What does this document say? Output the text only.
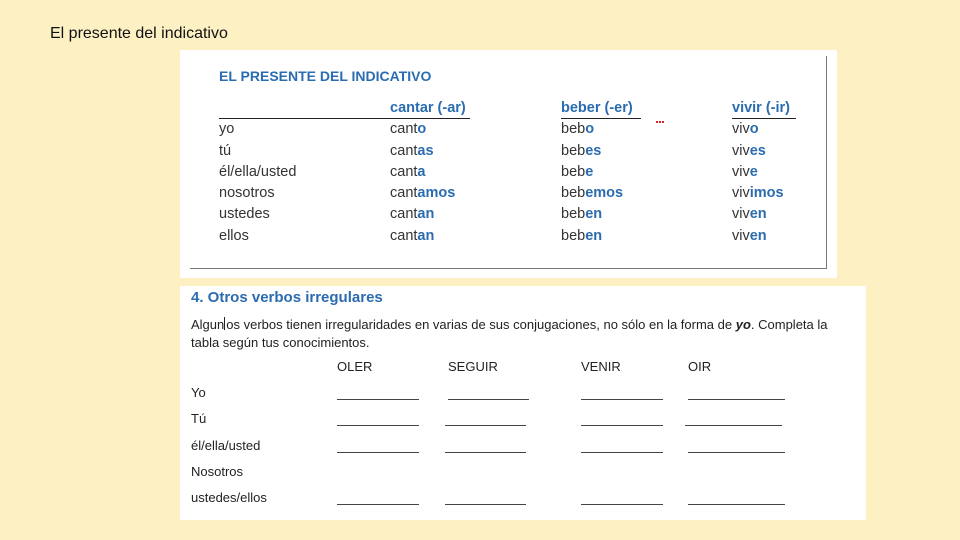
El presente del indicativo
EL PRESENTE DEL INDICATIVO
cantar (-ar)	beber (-er)	vivir (-ir)
yo	canto	bebo	vivo
tú	cantas	bebes	vives
él/ella/usted	canta	bebe	vive
nosotros	cantamos	bebemos	vivimos
ustedes	cantan	beben	viven
ellos	cantan	beben	viven
4. Otros verbos irregulares
Algun os verbos tienen irregularidades en varias de sus conjugaciones, no sólo en la forma de yo. Completa la tabla según tus conocimientos.
OLER	SEGUIR	VENIR	OIR
Yo
Tú
él/ella/usted
Nosotros
ustedes/ellos
